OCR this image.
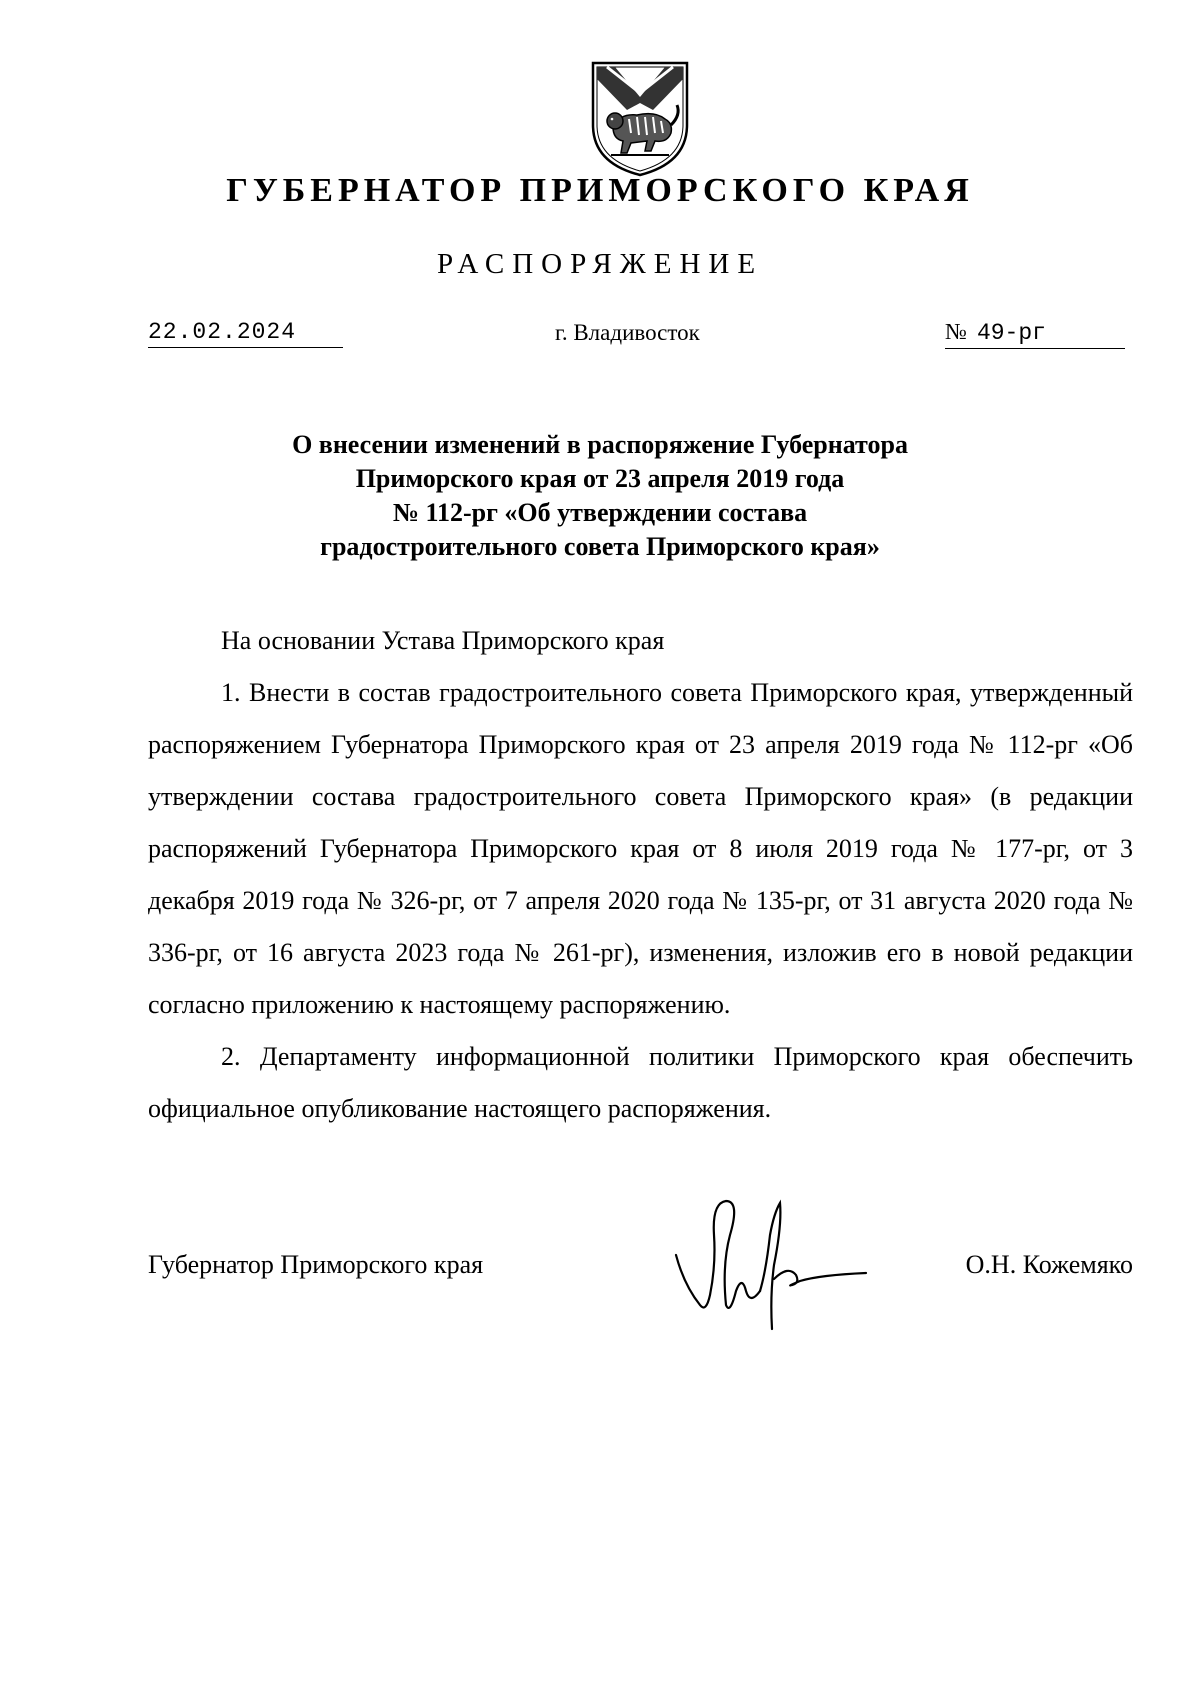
ГУБЕРНАТОР ПРИМОРСКОГО КРАЯ
РАСПОРЯЖЕНИЕ
22.02.2024	г. Владивосток	№ 49-рг
О внесении изменений в распоряжение Губернатора
Приморского края от 23 апреля 2019 года
№ 112-рг «Об утверждении состава
градостроительного совета Приморского края»

На основании Устава Приморского края

1. Внести в состав градостроительного совета Приморского края, утвержденный распоряжением Губернатора Приморского края от 23 апреля 2019 года № 112-рг «Об утверждении состава градостроительного совета Приморского края» (в редакции распоряжений Губернатора Приморского края от 8 июля 2019 года № 177-рг, от 3 декабря 2019 года № 326-рг, от 7 апреля 2020 года № 135-рг, от 31 августа 2020 года № 336-рг, от 16 августа 2023 года № 261-рг), изменения, изложив его в новой редакции согласно приложению к настоящему распоряжению.

2. Департаменту информационной политики Приморского края обеспечить официальное опубликование настоящего распоряжения.

Губернатор Приморского края	О.Н. Кожемяко
